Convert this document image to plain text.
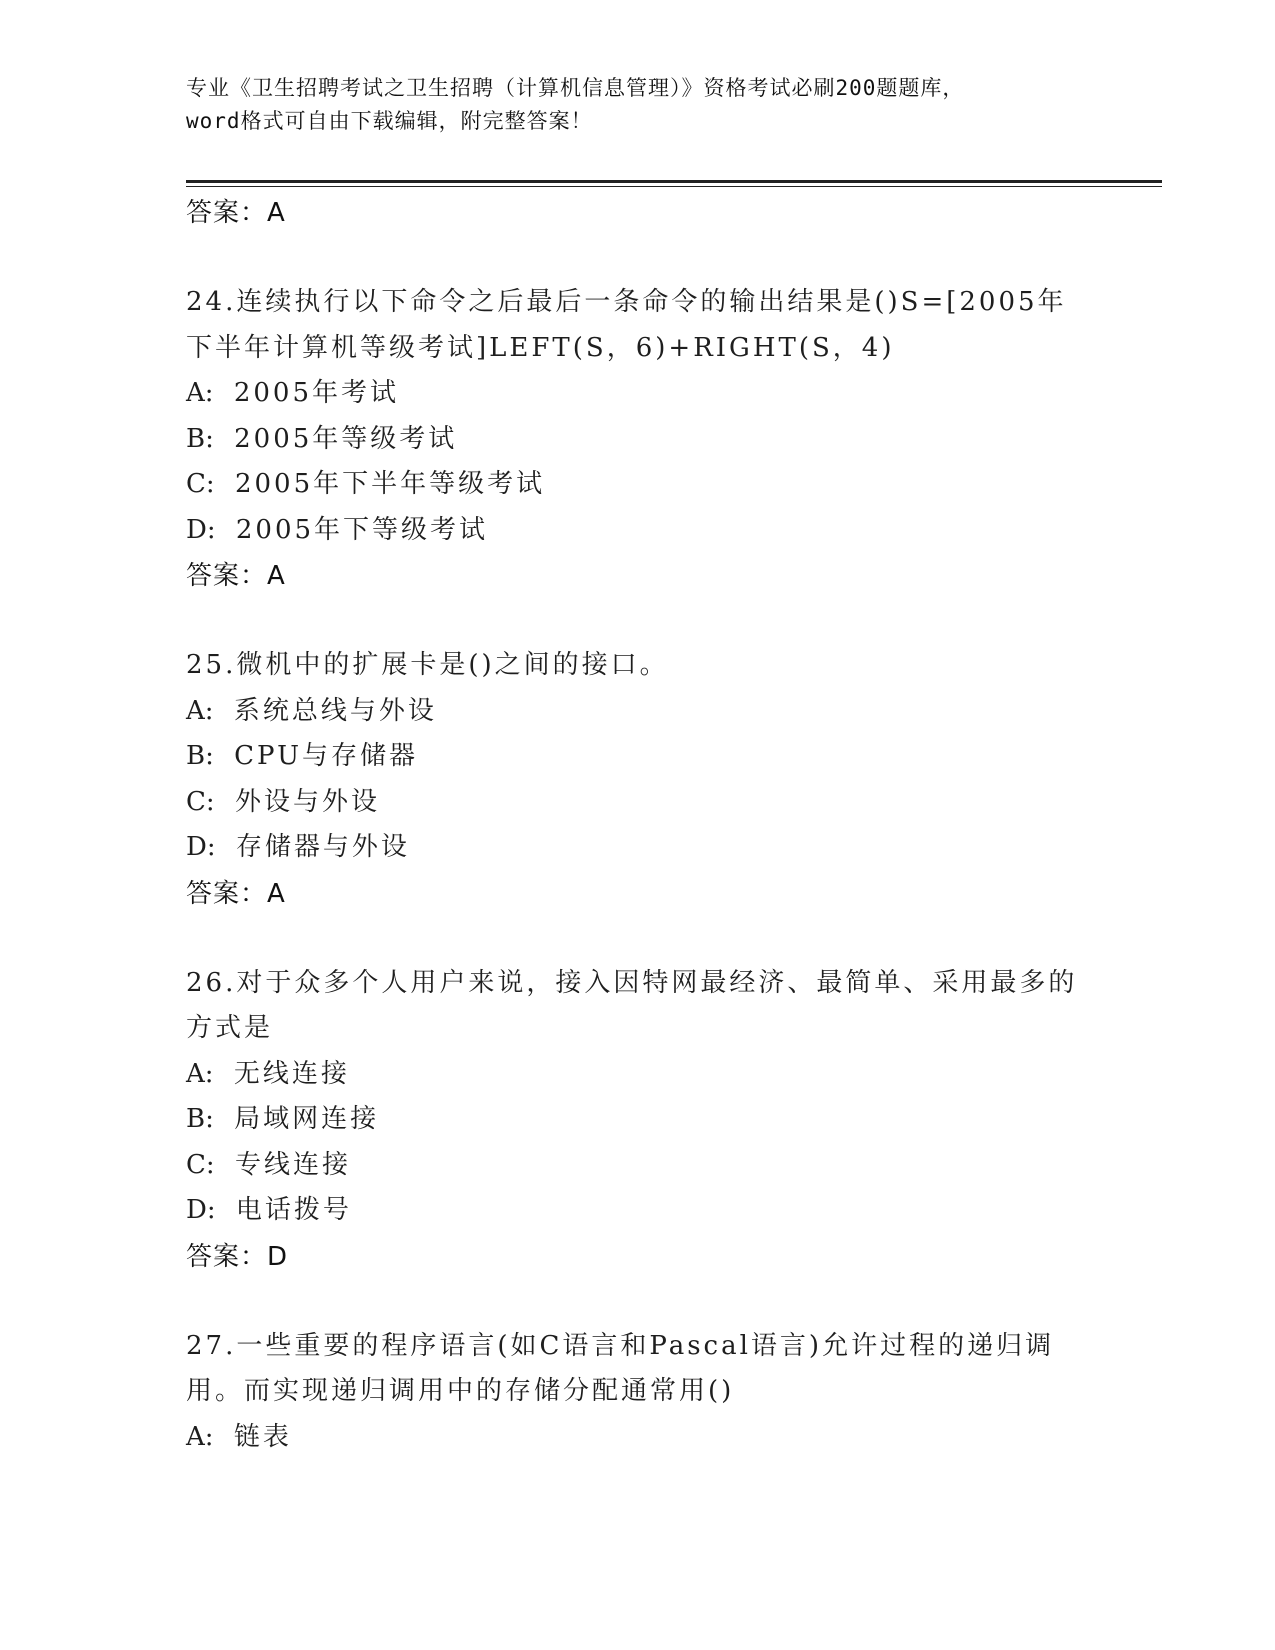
专业《卫生招聘考试之卫生招聘（计算机信息管理）》资格考试必刷200题题库，
word格式可自由下载编辑，附完整答案！
答案：A
24.连续执行以下命令之后最后一条命令的输出结果是()S=[2005年下半年计算机等级考试]LEFT(S，6)+RIGHT(S，4)
A: 2005年考试
B: 2005年等级考试
C: 2005年下半年等级考试
D: 2005年下等级考试
答案：A
25.微机中的扩展卡是()之间的接口。
A: 系统总线与外设
B: CPU与存储器
C: 外设与外设
D: 存储器与外设
答案：A
26.对于众多个人用户来说，接入因特网最经济、最简单、采用最多的方式是
A: 无线连接
B: 局域网连接
C: 专线连接
D: 电话拨号
答案：D
27.一些重要的程序语言(如C语言和Pascal语言)允许过程的递归调用。而实现递归调用中的存储分配通常用()
A: 链表
